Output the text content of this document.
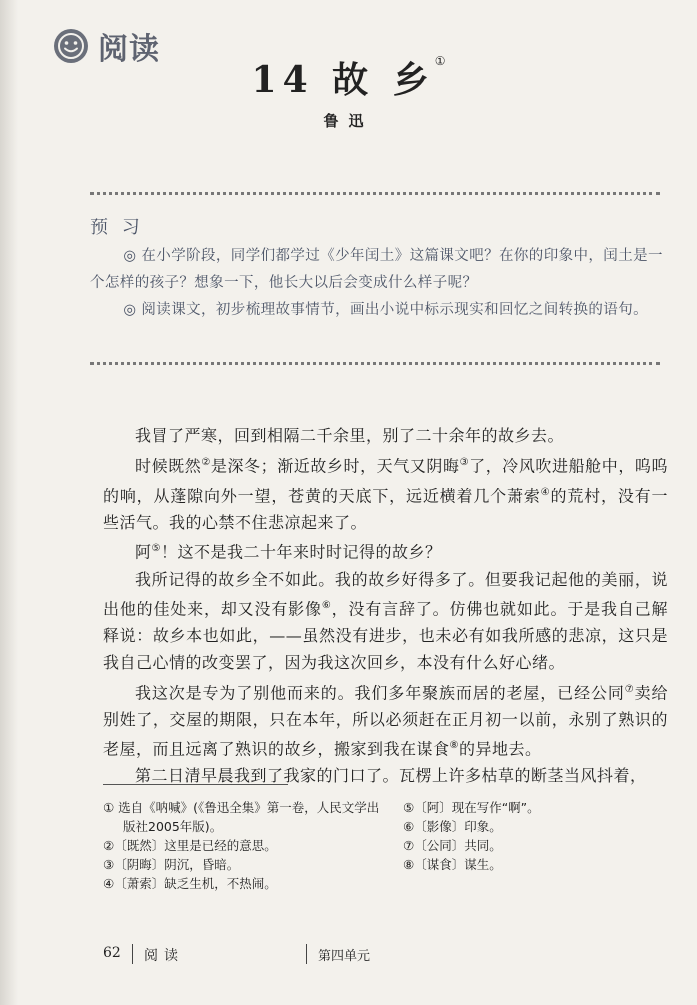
阅读
14 故 乡①
鲁迅
预 习

◎ 在小学阶段，同学们都学过《少年闰土》这篇课文吧？在你的印象中，闰土是一个怎样的孩子？想象一下，他长大以后会变成什么样子呢？

◎ 阅读课文，初步梳理故事情节，画出小说中标示现实和回忆之间转换的语句。

我冒了严寒，回到相隔二千余里，别了二十余年的故乡去。

时候既然②是深冬；渐近故乡时，天气又阴晦③了，冷风吹进船舱中，呜呜的响，从蓬隙向外一望，苍黄的天底下，远近横着几个萧索④的荒村，没有一些活气。我的心禁不住悲凉起来了。

阿⑤！这不是我二十年来时时记得的故乡？

我所记得的故乡全不如此。我的故乡好得多了。但要我记起他的美丽，说出他的佳处来，却又没有影像⑥，没有言辞了。仿佛也就如此。于是我自己解释说：故乡本也如此，——虽然没有进步，也未必有如我所感的悲凉，这只是我自己心情的改变罢了，因为我这次回乡，本没有什么好心绪。

我这次是专为了别他而来的。我们多年聚族而居的老屋，已经公同⑦卖给别姓了，交屋的期限，只在本年，所以必须赶在正月初一以前，永别了熟识的老屋，而且远离了熟识的故乡，搬家到我在谋食⑧的异地去。

第二日清早晨我到了我家的门口了。瓦楞上许多枯草的断茎当风抖着，

① 选自《呐喊》(《鲁迅全集》第一卷，人民文学出版社2005年版)。

②〔既然〕这里是已经的意思。

③〔阴晦〕阴沉，昏暗。

④〔萧索〕缺乏生机，不热闹。

⑤〔阿〕现在写作“啊”。

⑥〔影像〕印象。

⑦〔公同〕共同。

⑧〔谋食〕谋生。

62 阅读	第四单元
